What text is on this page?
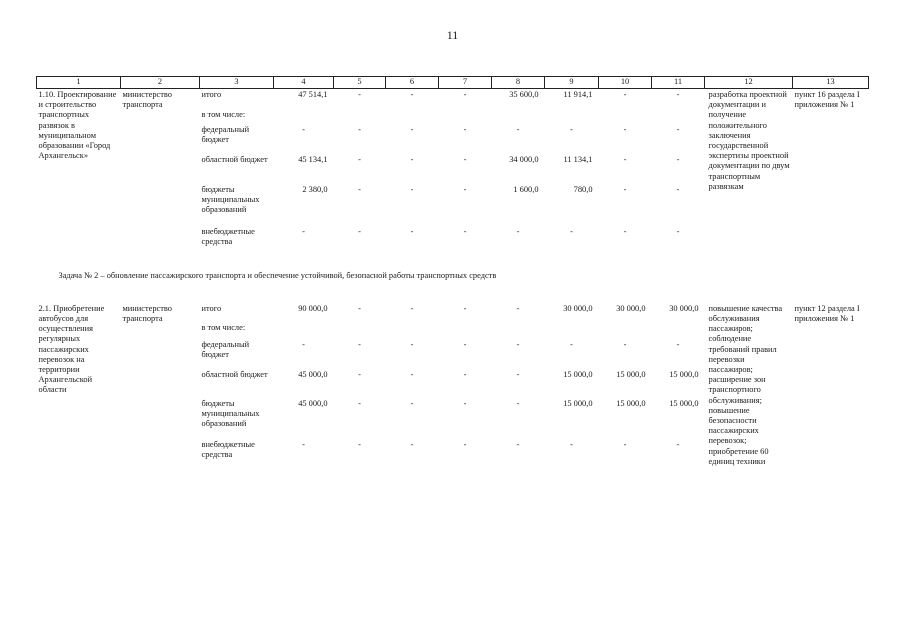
11
1	2	3	4	5	6	7	8	9	10	11	12	13
1.10. Проектирование и строительство транспортных развязок в муниципальном образовании «Город Архангельск»	министерство транспорта	итого	47 514,1	-	-	-	35 600,0	11 914,1	-	-	разработка проектной документации и получение положительного заключения государственной экспертизы проектной документации по двум транспортным развязкам	пункт 16 раздела I приложения № 1
		в том числе:										
		федеральный бюджет	-	-	-	-	-	-	-	-		
		областной бюджет	45 134,1	-	-	-	34 000,0	11 134,1	-	-		
		бюджеты муниципальных образований	2 380,0	-	-	-	1 600,0	780,0	-	-		
		внебюджетные средства	-	-	-	-	-	-	-	-		
Задача № 2 – обновление пассажирского транспорта и обеспечение устойчивой, безопасной работы транспортных средств												
2.1. Приобретение автобусов для осуществления регулярных пассажирских перевозок на территории Архангельской области	министерство транспорта	итого	90 000,0	-	-	-	-	30 000,0	30 000,0	30 000,0	повышение качества обслуживания пассажиров; соблюдение требований правил перевозки пассажиров; расширение зон транспортного обслуживания; повышение безопасности пассажирских перевозок; приобретение 60 единиц техники	пункт 12 раздела I приложения № 1
		в том числе:										
		федеральный бюджет	-	-	-	-	-	-	-	-		
		областной бюджет	45 000,0	-	-	-	-	15 000,0	15 000,0	15 000,0		
		бюджеты муниципальных образований	45 000,0	-	-	-	-	15 000,0	15 000,0	15 000,0		
		внебюджетные средства	-	-	-	-	-	-	-	-		
